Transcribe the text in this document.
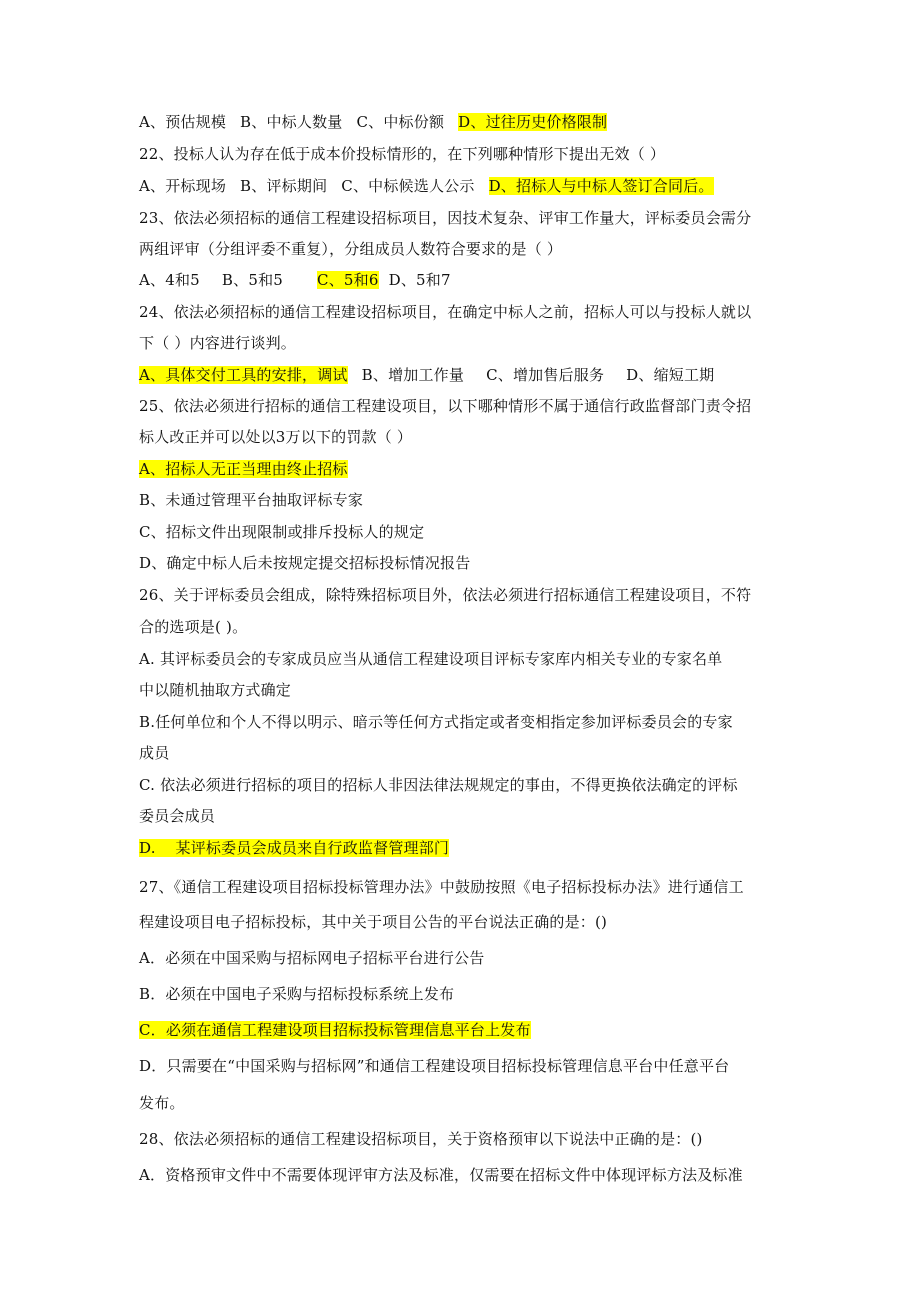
A、预估规模 B、中标人数量 C、中标份额 D、过往历史价格限制
22、投标人认为存在低于成本价投标情形的，在下列哪种情形下提出无效（ ）
A、开标现场 B、评标期间 C、中标候选人公示 D、招标人与中标人签订合同后。
23、依法必须招标的通信工程建设招标项目，因技术复杂、评审工作量大，评标委员会需分
两组评审（分组评委不重复），分组成员人数符合要求的是（ ）
A、4和5 B、5和5 C、5和6 D、5和7
24、依法必须招标的通信工程建设招标项目，在确定中标人之前，招标人可以与投标人就以
下（ ）内容进行谈判。
A、具体交付工具的安排，调试 B、增加工作量 C、增加售后服务 D、缩短工期
25、依法必须进行招标的通信工程建设项目，以下哪种情形不属于通信行政监督部门责令招
标人改正并可以处以3万以下的罚款（ ）
A、招标人无正当理由终止招标
B、未通过管理平台抽取评标专家
C、招标文件出现限制或排斥投标人的规定
D、确定中标人后未按规定提交招标投标情况报告
26、关于评标委员会组成，除特殊招标项目外，依法必须进行招标通信工程建设项目，不符
合的选项是( )。
A. 其评标委员会的专家成员应当从通信工程建设项目评标专家库内相关专业的专家名单
中以随机抽取方式确定
B.任何单位和个人不得以明示、暗示等任何方式指定或者变相指定参加评标委员会的专家
成员
C. 依法必须进行招标的项目的招标人非因法律法规规定的事由，不得更换依法确定的评标
委员会成员
D.    某评标委员会成员来自行政监督管理部门
27、《通信工程建设项目招标投标管理办法》中鼓励按照《电子招标投标办法》进行通信工
程建设项目电子招标投标，其中关于项目公告的平台说法正确的是：()
A．必须在中国采购与招标网电子招标平台进行公告
B．必须在中国电子采购与招标投标系统上发布
C．必须在通信工程建设项目招标投标管理信息平台上发布
D．只需要在“中国采购与招标网”和通信工程建设项目招标投标管理信息平台中任意平台
发布。
28、依法必须招标的通信工程建设招标项目，关于资格预审以下说法中正确的是：()
A．资格预审文件中不需要体现评审方法及标准，仅需要在招标文件中体现评标方法及标准
